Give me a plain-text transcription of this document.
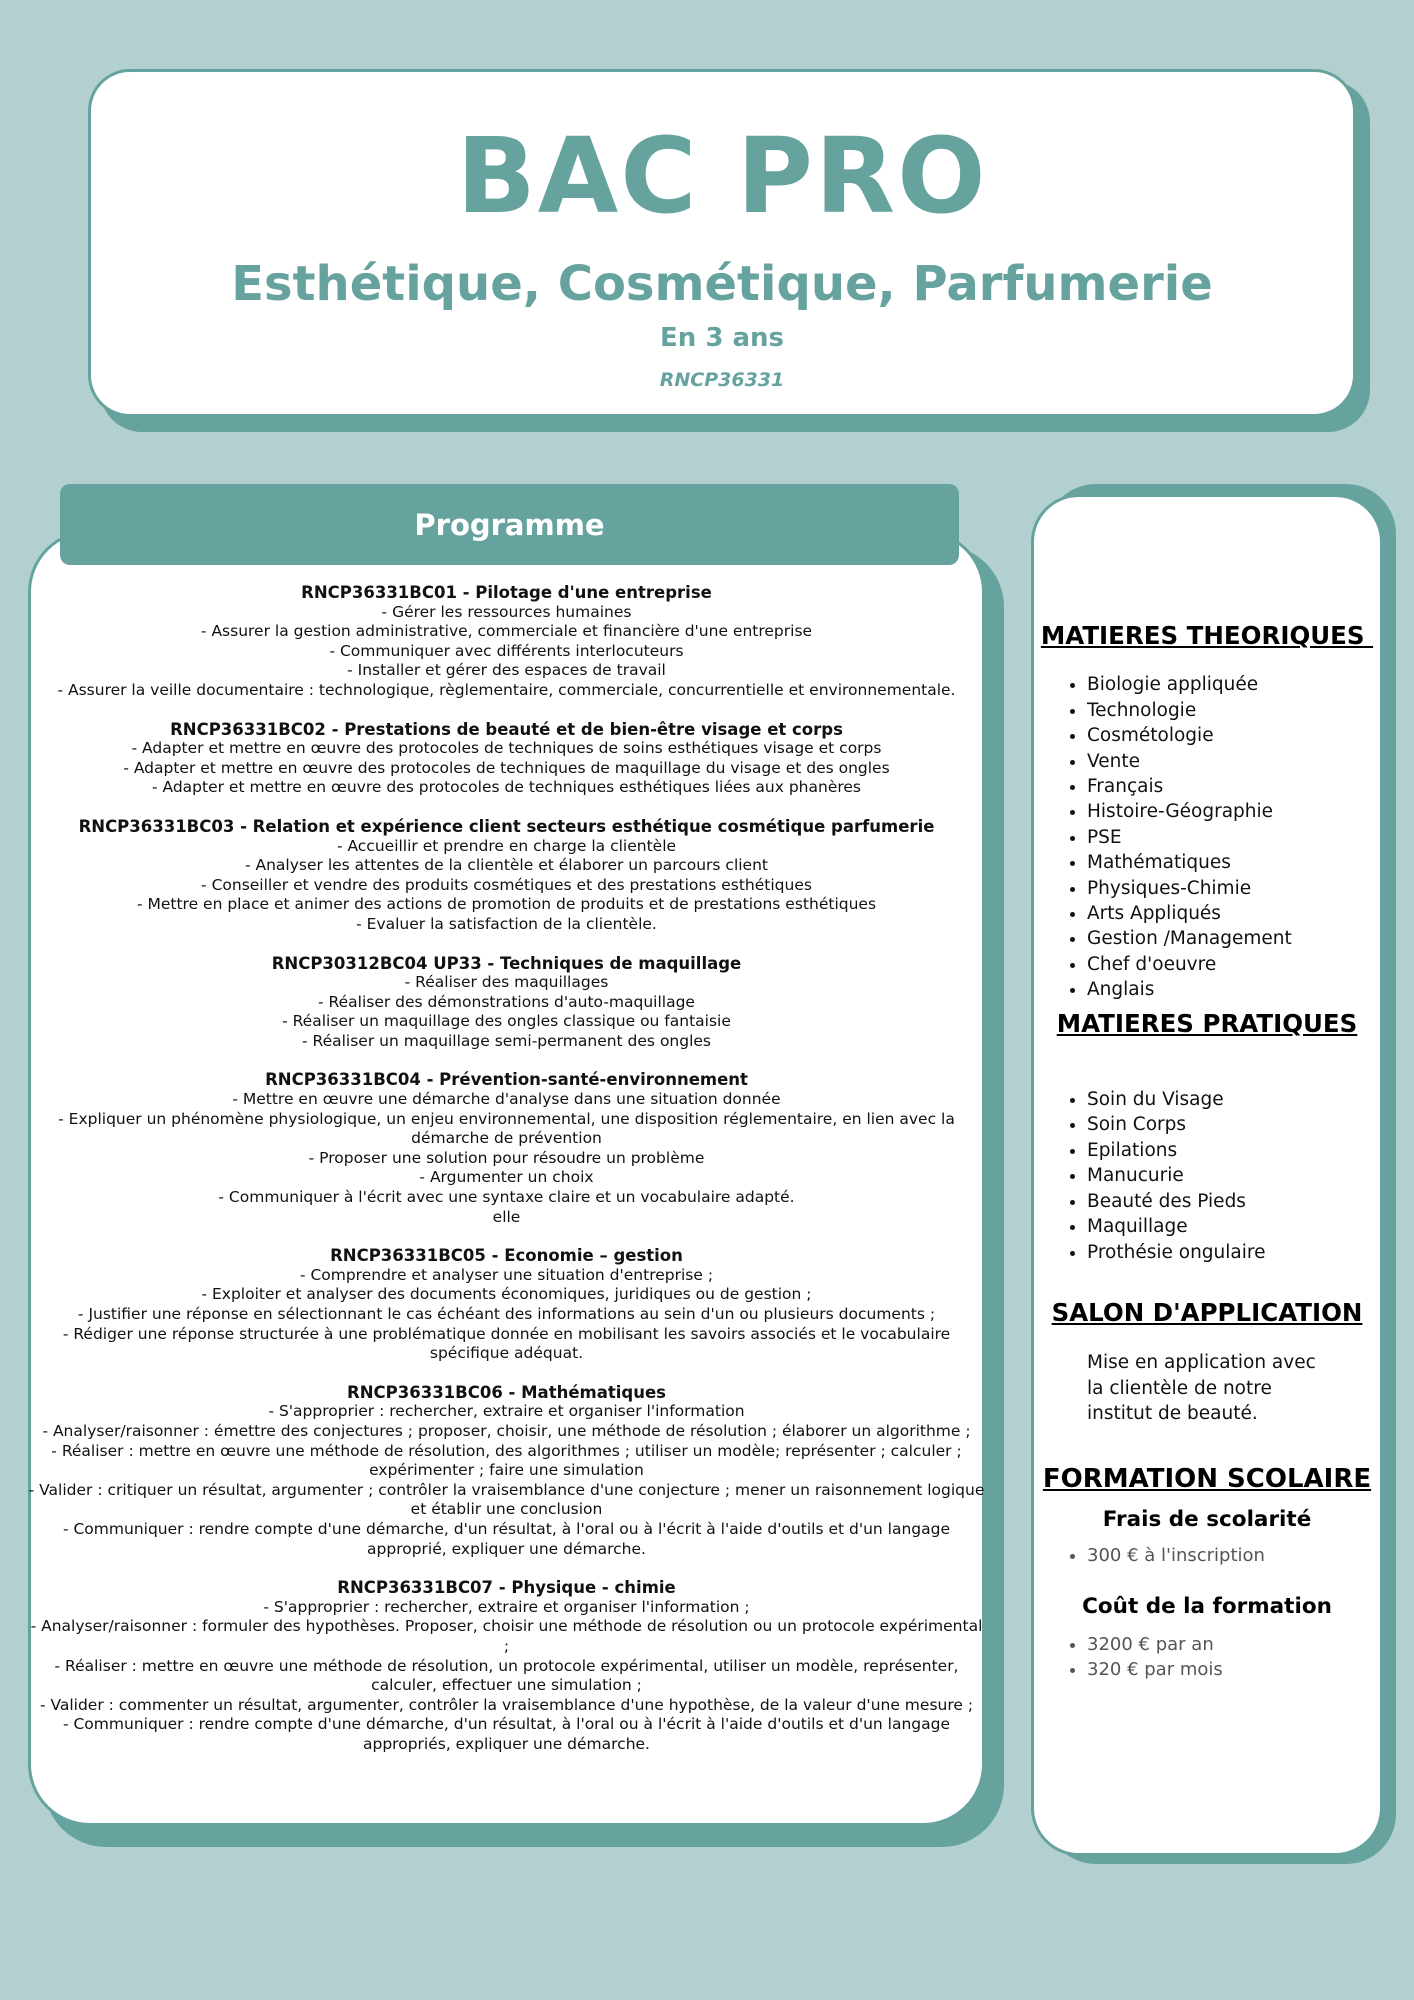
BAC PRO
Esthétique, Cosmétique, Parfumerie
En 3 ans
RNCP36331
Programme
RNCP36331BC01 - Pilotage d'une entreprise
- Gérer les ressources humaines
- Assurer la gestion administrative, commerciale et financière d'une entreprise
- Communiquer avec différents interlocuteurs
- Installer et gérer des espaces de travail
- Assurer la veille documentaire : technologique, règlementaire, commerciale, concurrentielle et environnementale.
RNCP36331BC02 - Prestations de beauté et de bien-être visage et corps
- Adapter et mettre en œuvre des protocoles de techniques de soins esthétiques visage et corps
- Adapter et mettre en œuvre des protocoles de techniques de maquillage du visage et des ongles
- Adapter et mettre en œuvre des protocoles de techniques esthétiques liées aux phanères
RNCP36331BC03 - Relation et expérience client secteurs esthétique cosmétique parfumerie
- Accueillir et prendre en charge la clientèle
- Analyser les attentes de la clientèle et élaborer un parcours client
- Conseiller et vendre des produits cosmétiques et des prestations esthétiques
- Mettre en place et animer des actions de promotion de produits et de prestations esthétiques
- Evaluer la satisfaction de la clientèle.
RNCP30312BC04 UP33 - Techniques de maquillage
- Réaliser des maquillages
- Réaliser des démonstrations d'auto-maquillage
- Réaliser un maquillage des ongles classique ou fantaisie
- Réaliser un maquillage semi-permanent des ongles
RNCP36331BC04 - Prévention-santé-environnement
- Mettre en œuvre une démarche d'analyse dans une situation donnée
- Expliquer un phénomène physiologique, un enjeu environnemental, une disposition réglementaire, en lien avec la démarche de prévention
- Proposer une solution pour résoudre un problème
- Argumenter un choix
- Communiquer à l'écrit avec une syntaxe claire et un vocabulaire adapté.
elle
RNCP36331BC05 - Economie – gestion
- Comprendre et analyser une situation d'entreprise ;
- Exploiter et analyser des documents économiques, juridiques ou de gestion ;
- Justifier une réponse en sélectionnant le cas échéant des informations au sein d'un ou plusieurs documents ;
- Rédiger une réponse structurée à une problématique donnée en mobilisant les savoirs associés et le vocabulaire spécifique adéquat.
RNCP36331BC06 - Mathématiques
- S'approprier : rechercher, extraire et organiser l'information
- Analyser/raisonner : émettre des conjectures ; proposer, choisir, une méthode de résolution ; élaborer un algorithme ;
- Réaliser : mettre en œuvre une méthode de résolution, des algorithmes ; utiliser un modèle; représenter ; calculer ; expérimenter ; faire une simulation
- Valider : critiquer un résultat, argumenter ; contrôler la vraisemblance d'une conjecture ; mener un raisonnement logique et établir une conclusion
- Communiquer : rendre compte d'une démarche, d'un résultat, à l'oral ou à l'écrit à l'aide d'outils et d'un langage approprié, expliquer une démarche.
RNCP36331BC07 - Physique - chimie
- S'approprier : rechercher, extraire et organiser l'information ;
- Analyser/raisonner : formuler des hypothèses. Proposer, choisir une méthode de résolution ou un protocole expérimental ;
- Réaliser : mettre en œuvre une méthode de résolution, un protocole expérimental, utiliser un modèle, représenter, calculer, effectuer une simulation ;
- Valider : commenter un résultat, argumenter, contrôler la vraisemblance d'une hypothèse, de la valeur d'une mesure ;
- Communiquer : rendre compte d'une démarche, d'un résultat, à l'oral ou à l'écrit à l'aide d'outils et d'un langage appropriés, expliquer une démarche.
MATIERES THEORIQUES
• Biologie appliquée
• Technologie
• Cosmétologie
• Vente
• Français
• Histoire-Géographie
• PSE
• Mathématiques
• Physiques-Chimie
• Arts Appliqués
• Gestion /Management
• Chef d'oeuvre
• Anglais
MATIERES PRATIQUES
• Soin du Visage
• Soin Corps
• Epilations
• Manucurie
• Beauté des Pieds
• Maquillage
• Prothésie ongulaire
SALON D'APPLICATION
Mise en application avec la clientèle de notre institut de beauté.
FORMATION SCOLAIRE
Frais de scolarité
• 300 € à l'inscription
Coût de la formation
• 3200 € par an
• 320 € par mois
